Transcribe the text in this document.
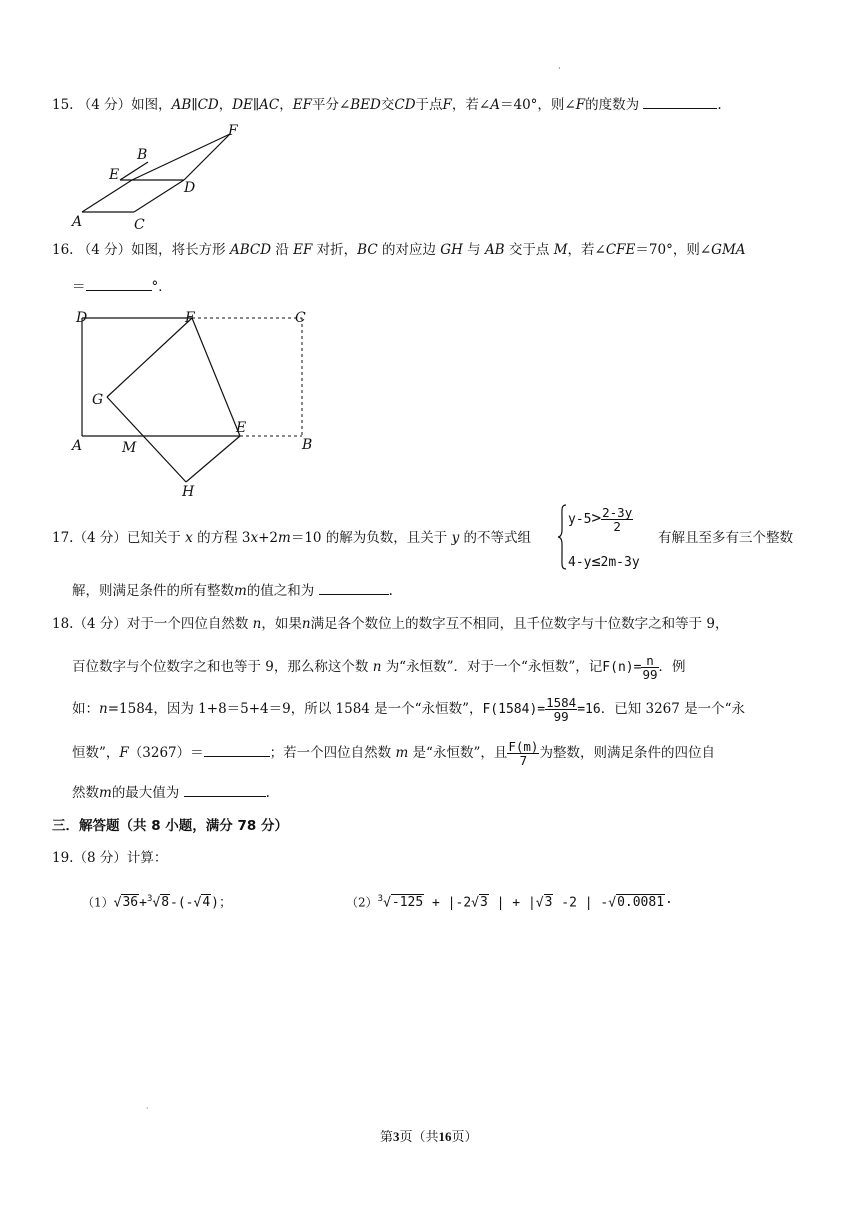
·
15. （4 分）如图，AB∥CD，DE∥AC，EF平分∠BED交CD于点F，若∠A＝40°，则∠F的度数为	.
A
B
C
D
E
F
16. （4 分）如图，将长方形 ABCD 沿 EF 对折，BC 的对应边 GH 与 AB 交于点 M，若∠CFE＝70°，则∠GMA
＝	°．
D	F	C
G
E
A	M	B
H
17.（4 分）已知关于 x 的方程 3x+2m＝10 的解为负数，且关于 y 的不等式组
$y-5> \frac{2-3y}{2}$
4-y≤2m-3y
有解且至多有三个整数
解，则满足条件的所有整数m的值之和为	.
18.（4 分）对于一个四位自然数 n，如果n满足各个数位上的数字互不相同，且千位数字与十位数字之和等于 9，
百位数字与个位数字之和也等于 9，那么称这个数 n 为“永恒数”．对于一个“永恒数”，记$F(n)= \frac{n}{99}$ ．例
如：n=1584，因为 1+8＝5+4＝9，所以 1584 是一个“永恒数”，$F(1584)= \frac{1584}{99} =16$．已知 3267 是一个“永
恒数”，F（3267）＝	；若一个四位自然数 m 是“永恒数”，且 $\frac{F(m)}{7}$ 为整数，则满足条件的四位自
然数m的最大值为	.
三．解答题（共 8 小题，满分 78 分）
19.（8 分）计算：
（1）√36+$^3$√8-(-√4)；	$(2)^3√-125 + |-2√3$ | + |√3 -2 | -√0.0081·
·
第3页（共16页）
